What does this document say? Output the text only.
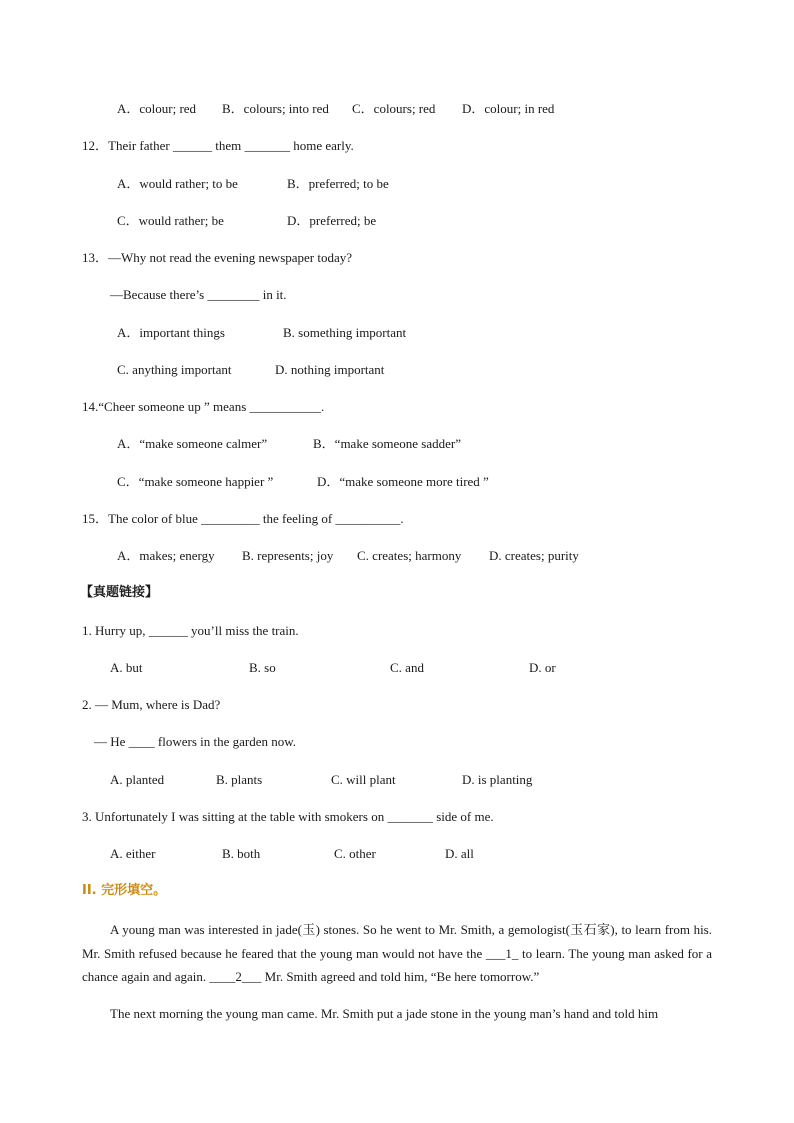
A．colour; red B．colours; into red C．colours; red D．colour; in red
12．Their father ______ them _______ home early.
A．would rather; to be	B．preferred; to be
C．would rather; be	D．preferred; be
13．—Why not read the evening newspaper today?
—Because there’s ________ in it.
A．important things	B. something important
C. anything important	D. nothing important
14.“Cheer someone up ” means ___________.
A．“make someone calmer”	B．“make someone sadder”
C．“make someone happier ”	D．“make someone more tired ”
15．The color of blue _________ the feeling of __________.
A．makes; energy B. represents; joy C. creates; harmony D. creates; purity
【真题链接】
1. Hurry up, ______ you’ll miss the train.
A. but	B. so	C. and	D. or
2. — Mum, where is Dad?
— He ____ flowers in the garden now.
A. planted	B. plants	C. will plant	D. is planting
3. Unfortunately I was sitting at the table with smokers on _______ side of me.
A. either	B. both	C. other	D. all
II. 完形填空。
A young man was interested in jade(玉) stones. So he went to Mr. Smith, a gemologist(玉石家), to learn from his. Mr. Smith refused because he feared that the young man would not have the ___1_ to learn. The young man asked for a chance again and again. ____2___ Mr. Smith agreed and told him, “Be here tomorrow.”
The next morning the young man came. Mr. Smith put a jade stone in the young man’s hand and told him
